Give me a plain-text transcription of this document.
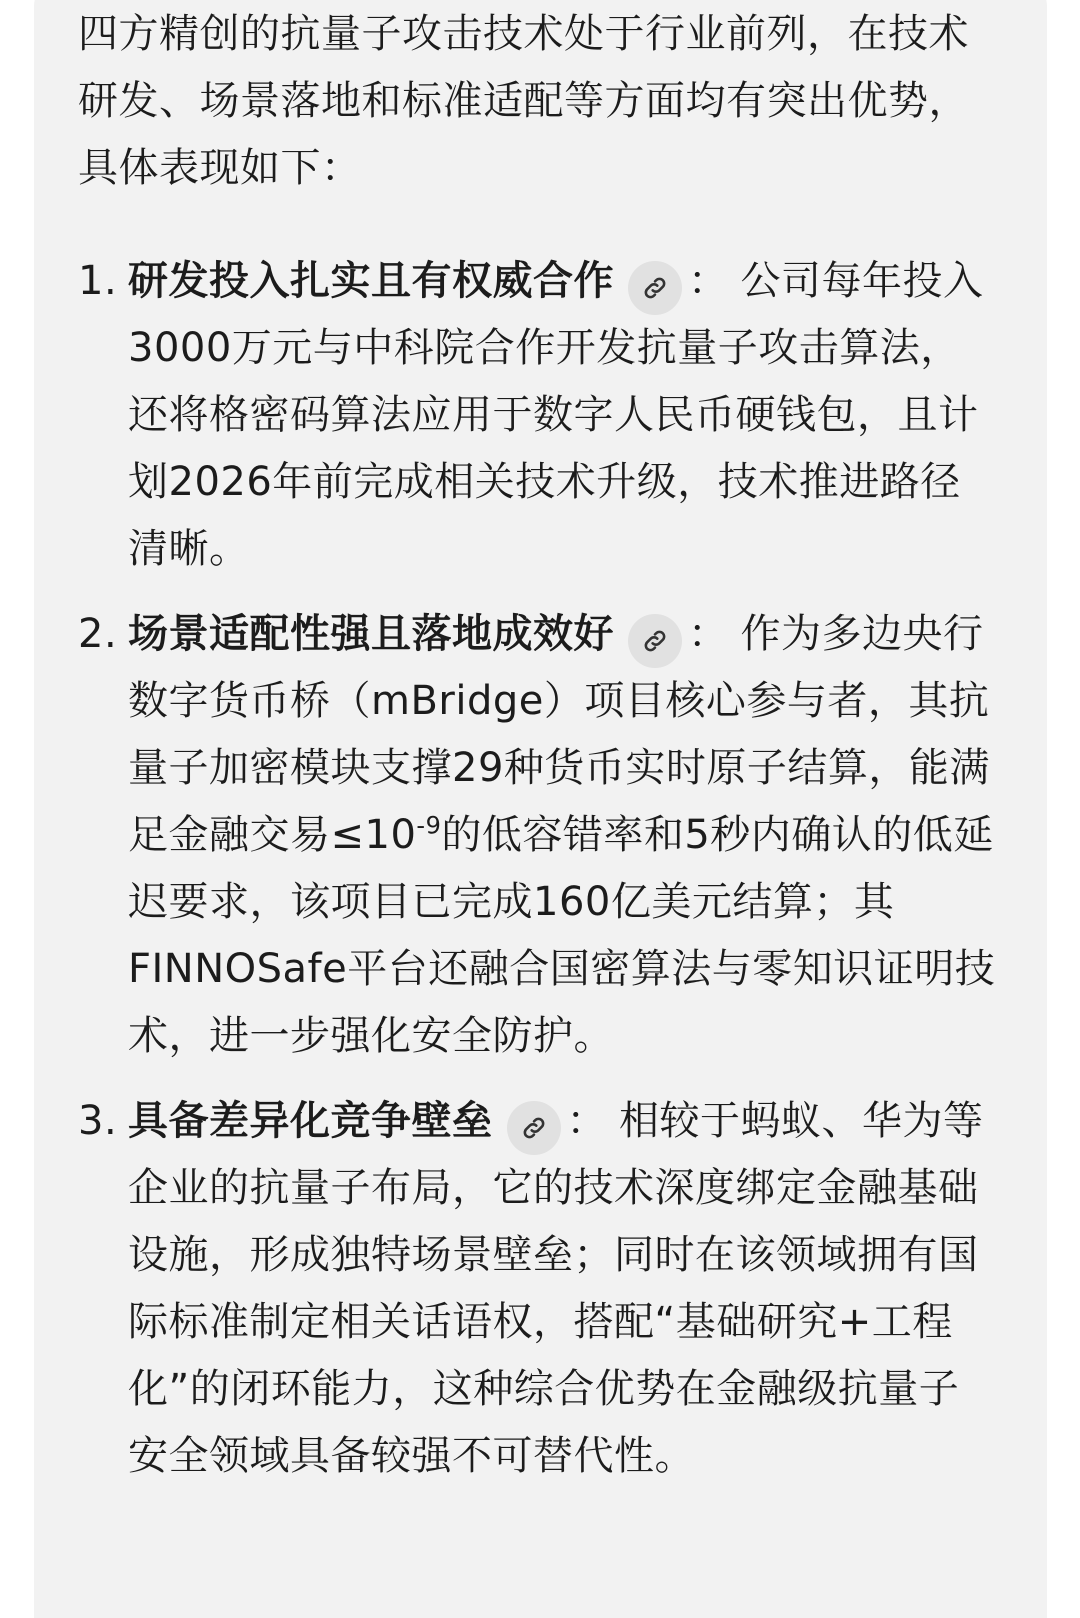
四方精创的抗量子攻击技术处于行业前列，在技术研发、场景落地和标准适配等方面均有突出优势，具体表现如下：

1. 研发投入扎实且有权威合作 ： 公司每年投入3000万元与中科院合作开发抗量子攻击算法，还将格密码算法应用于数字人民币硬钱包，且计划2026年前完成相关技术升级，技术推进路径清晰。
2. 场景适配性强且落地成效好 ： 作为多边央行数字货币桥（mBridge）项目核心参与者，其抗量子加密模块支撑29种货币实时原子结算，能满足金融交易$\le 10^{-9}$的低容错率和5秒内确认的低延迟要求，该项目已完成160亿美元结算；其FINNOSafe平台还融合国密算法与零知识证明技术，进一步强化安全防护。
3. 具备差异化竞争壁垒 ： 相较于蚂蚁、华为等企业的抗量子布局，它的技术深度绑定金融基础设施，形成独特场景壁垒；同时在该领域拥有国际标准制定相关话语权，搭配“基础研究+工程化”的闭环能力，这种综合优势在金融级抗量子安全领域具备较强不可替代性。
